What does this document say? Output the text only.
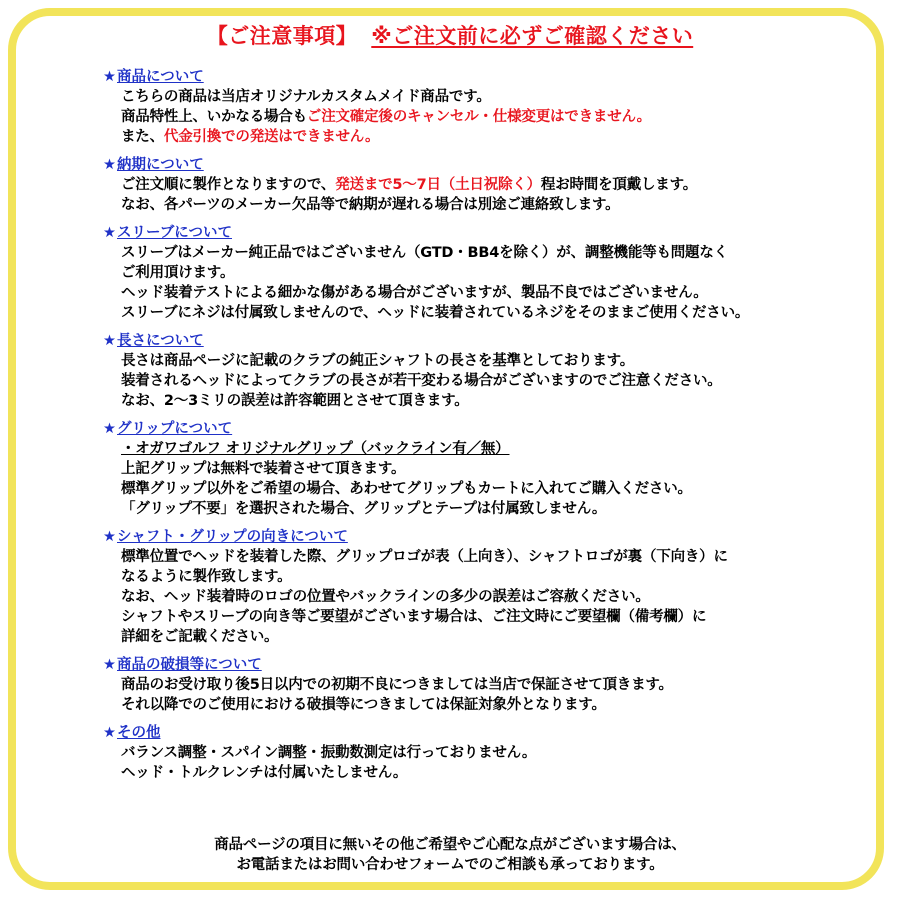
【ご注意事項】 ※ご注文前に必ずご確認ください
★商品について
こちらの商品は当店オリジナルカスタムメイド商品です。
商品特性上、いかなる場合もご注文確定後のキャンセル・仕様変更はできません。
また、代金引換での発送はできません。
★納期について
ご注文順に製作となりますので、発送まで5～7日（土日祝除く）程お時間を頂戴します。
なお、各パーツのメーカー欠品等で納期が遅れる場合は別途ご連絡致します。
★スリーブについて
スリーブはメーカー純正品ではございません（GTD・BB4を除く）が、調整機能等も問題なく
ご利用頂けます。
ヘッド装着テストによる細かな傷がある場合がございますが、製品不良ではございません。
スリーブにネジは付属致しませんので、ヘッドに装着されているネジをそのままご使用ください。
★長さについて
長さは商品ページに記載のクラブの純正シャフトの長さを基準としております。
装着されるヘッドによってクラブの長さが若干変わる場合がございますのでご注意ください。
なお、2～3ミリの誤差は許容範囲とさせて頂きます。
★グリップについて
・オガワゴルフ オリジナルグリップ（バックライン有／無）
上記グリップは無料で装着させて頂きます。
標準グリップ以外をご希望の場合、あわせてグリップもカートに入れてご購入ください。
「グリップ不要」を選択された場合、グリップとテープは付属致しません。
★シャフト・グリップの向きについて
標準位置でヘッドを装着した際、グリップロゴが表（上向き）、シャフトロゴが裏（下向き）に
なるように製作致します。
なお、ヘッド装着時のロゴの位置やバックラインの多少の誤差はご容赦ください。
シャフトやスリーブの向き等ご要望がございます場合は、ご注文時にご要望欄（備考欄）に
詳細をご記載ください。
★商品の破損等について
商品のお受け取り後5日以内での初期不良につきましては当店で保証させて頂きます。
それ以降でのご使用における破損等につきましては保証対象外となります。
★その他
バランス調整・スパイン調整・振動数測定は行っておりません。
ヘッド・トルクレンチは付属いたしません。
商品ページの項目に無いその他ご希望やご心配な点がございます場合は、
お電話またはお問い合わせフォームでのご相談も承っております。
